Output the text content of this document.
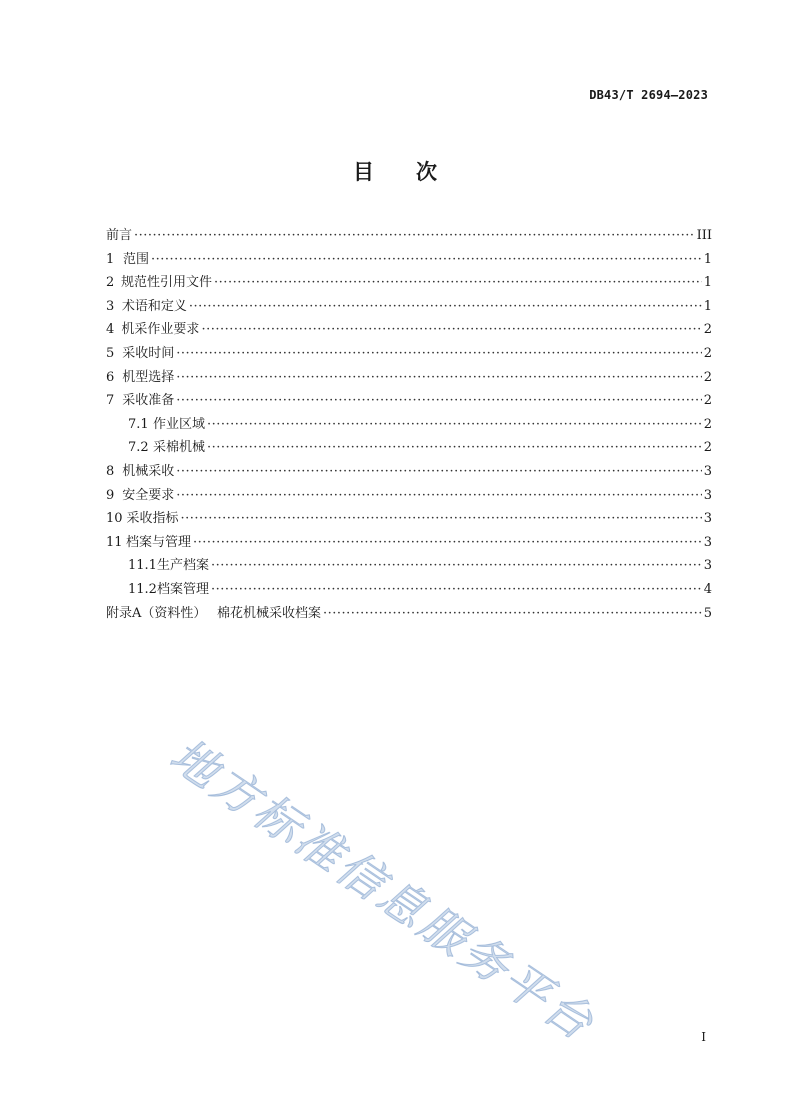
DB43/T 2694—2023
目 次
前言 ·····	III
1 范围 ·····	1
2 规范性引用文件 ·····	1
3 术语和定义 ·····	1
4 机采作业要求 ·····	2
5 采收时间 ·····	2
6 机型选择 ·····	2
7 采收准备 ·····	2
7.1 作业区域 ·····	2
7.2 采棉机械 ·····	2
8 机械采收 ·····	3
9 安全要求 ·····	3
10 采收指标 ·····	3
11 档案与管理 ·····	3
11.1 生产档案 ·····	3
11.2 档案管理 ·····	4
附录A（资料性） 棉花机械采收档案 ·····	5
地方标准信息服务平台	I
